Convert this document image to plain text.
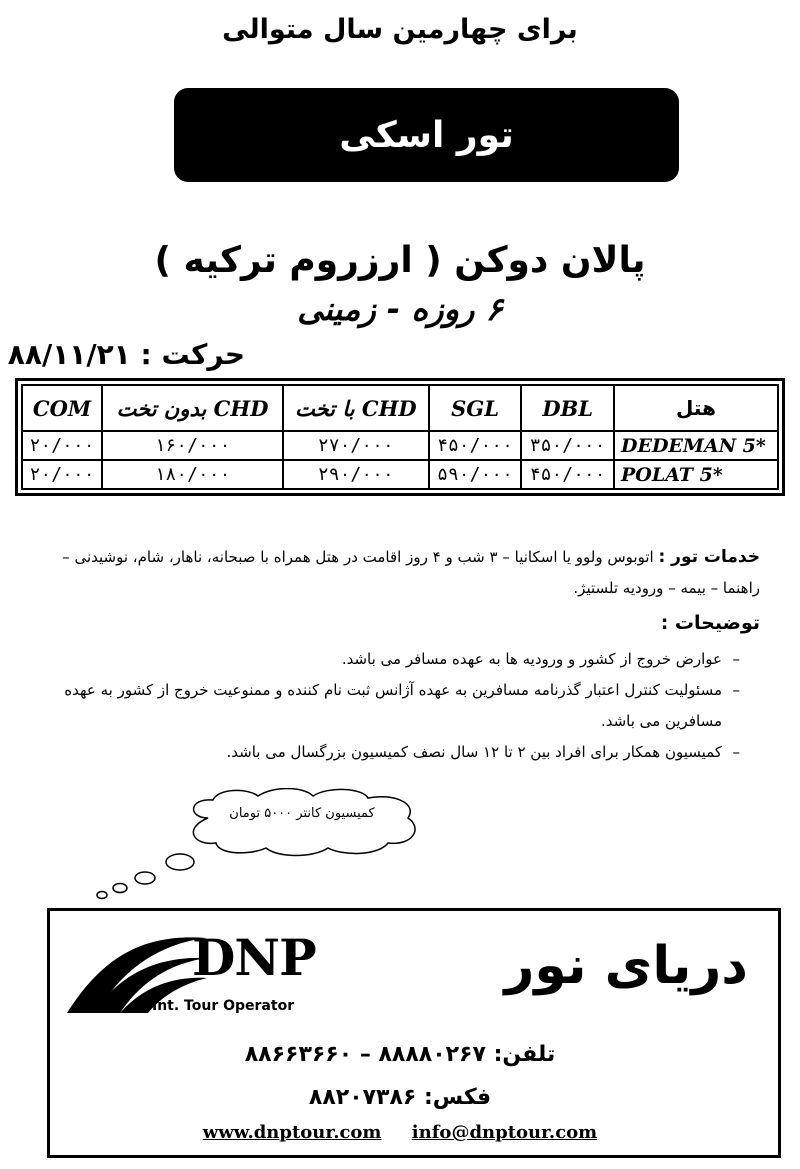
برای چهارمین سال متوالی
تور اسکی
پالان دوکن ( ارزروم ترکیه )
۶ روزه - زمینی
حرکت : ۸۸/۱۱/۲۱
هتل	DBL	SGL	CHD با تخت	CHD بدون تخت	COM
DEDEMAN 5*	۳۵۰/۰۰۰	۴۵۰/۰۰۰	۲۷۰/۰۰۰	۱۶۰/۰۰۰	۲۰/۰۰۰
POLAT 5*	۴۵۰/۰۰۰	۵۹۰/۰۰۰	۲۹۰/۰۰۰	۱۸۰/۰۰۰	۲۰/۰۰۰
خدمات تور : اتوبوس ولوو یا اسکانیا – ۳ شب و ۴ روز اقامت در هتل همراه با صبحانه، ناهار، شام، نوشیدنی – راهنما – بیمه – ورودیه تلستیژ.
توضیحات :
– عوارض خروج از کشور و ورودیه ها به عهده مسافر می باشد.
– مسئولیت کنترل اعتبار گذرنامه مسافرین به عهده آژانس ثبت نام کننده و ممنوعیت خروج از کشور به عهده مسافرین می باشد.
– کمیسیون همکار برای افراد بین ۲ تا ۱۲ سال نصف کمیسیون بزرگسال می باشد.
کمیسیون کانتر ۵۰۰۰ تومان
DNP
Int. Tour Operator
دریای نور
تلفن: ۸۸۸۸۰۲۶۷ – ۸۸۶۶۳۶۶۰
فکس: ۸۸۲۰۷۳۸۶
www.dnptour.com info@dnptour.com
